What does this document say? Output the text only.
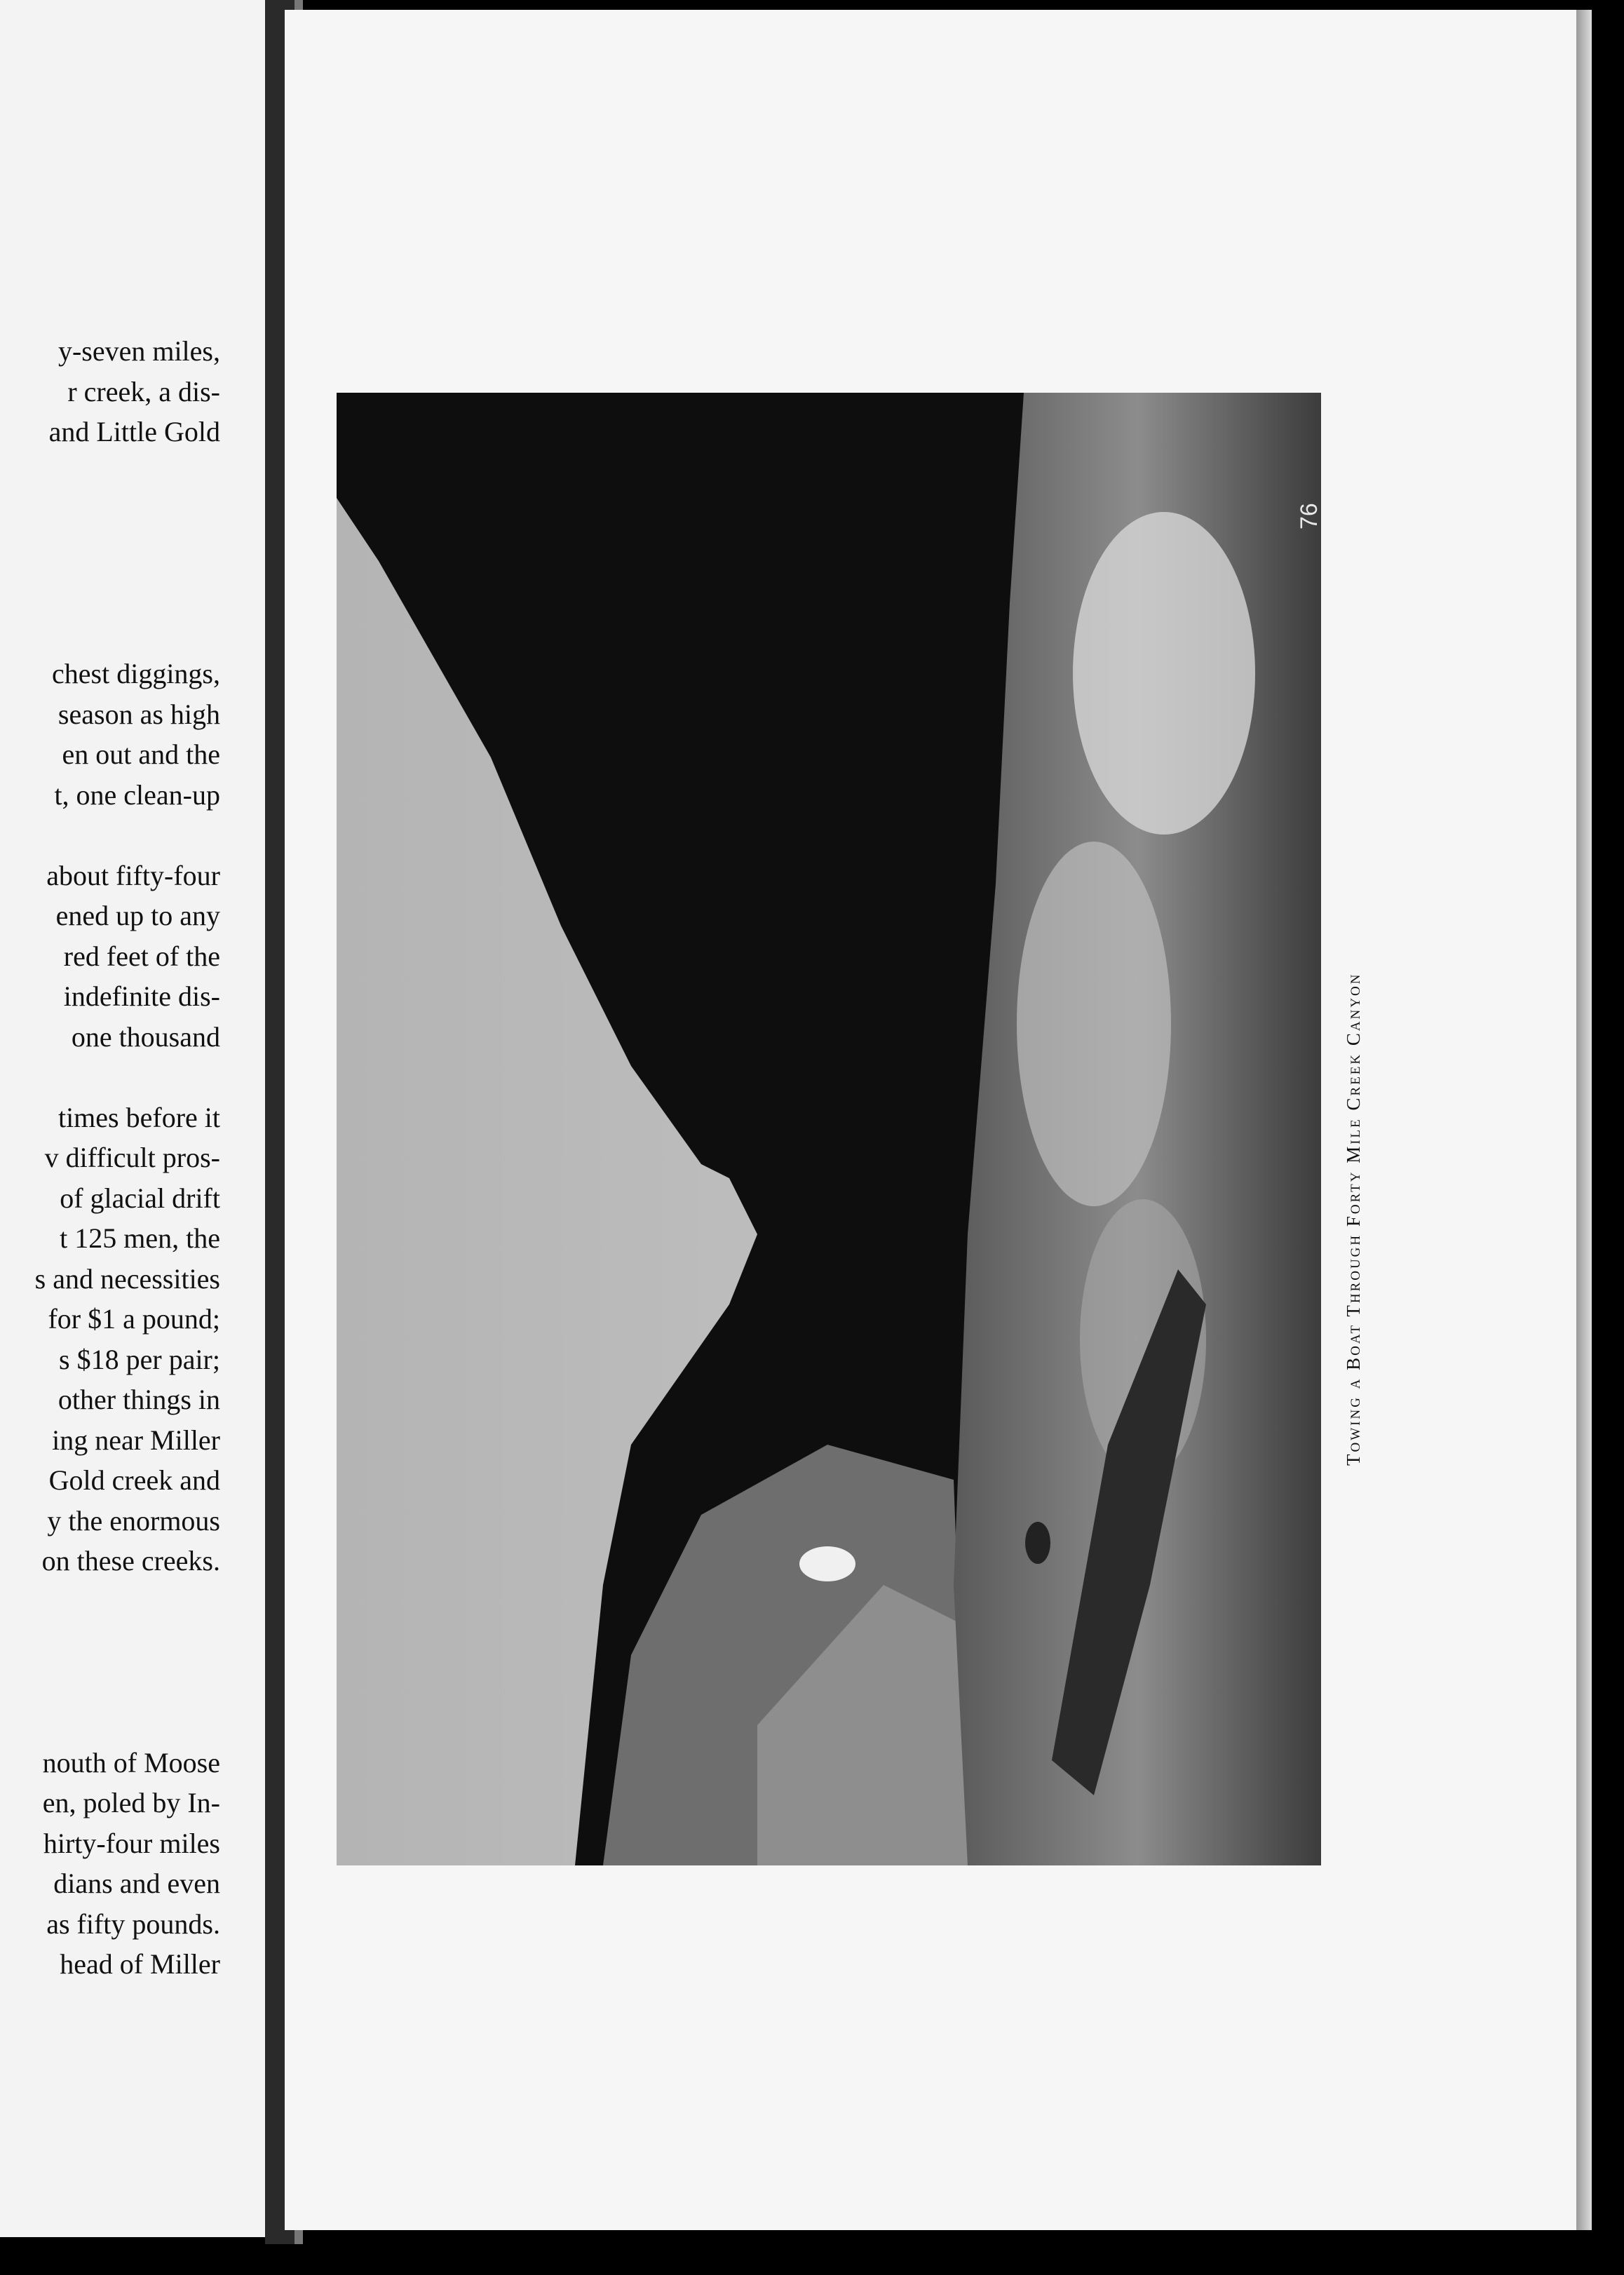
y-seven miles,
r creek, a dis-
and Little Gold
chest diggings,
season as high
en out and the
t, one clean-up
about fifty-four
ened up to any
red feet of the
indefinite dis-
one thousand
times before it
v difficult pros-
of glacial drift
t 125 men, the
s and necessities
for $1 a pound;
s $18 per pair;
other things in
ing near Miller
Gold creek and
y the enormous
on these creeks.
nouth of Moose
en, poled by In-
hirty-four miles
dians and even
as fifty pounds.
head of Miller
76
Towing a Boat Through Forty Mile Creek Canyon
